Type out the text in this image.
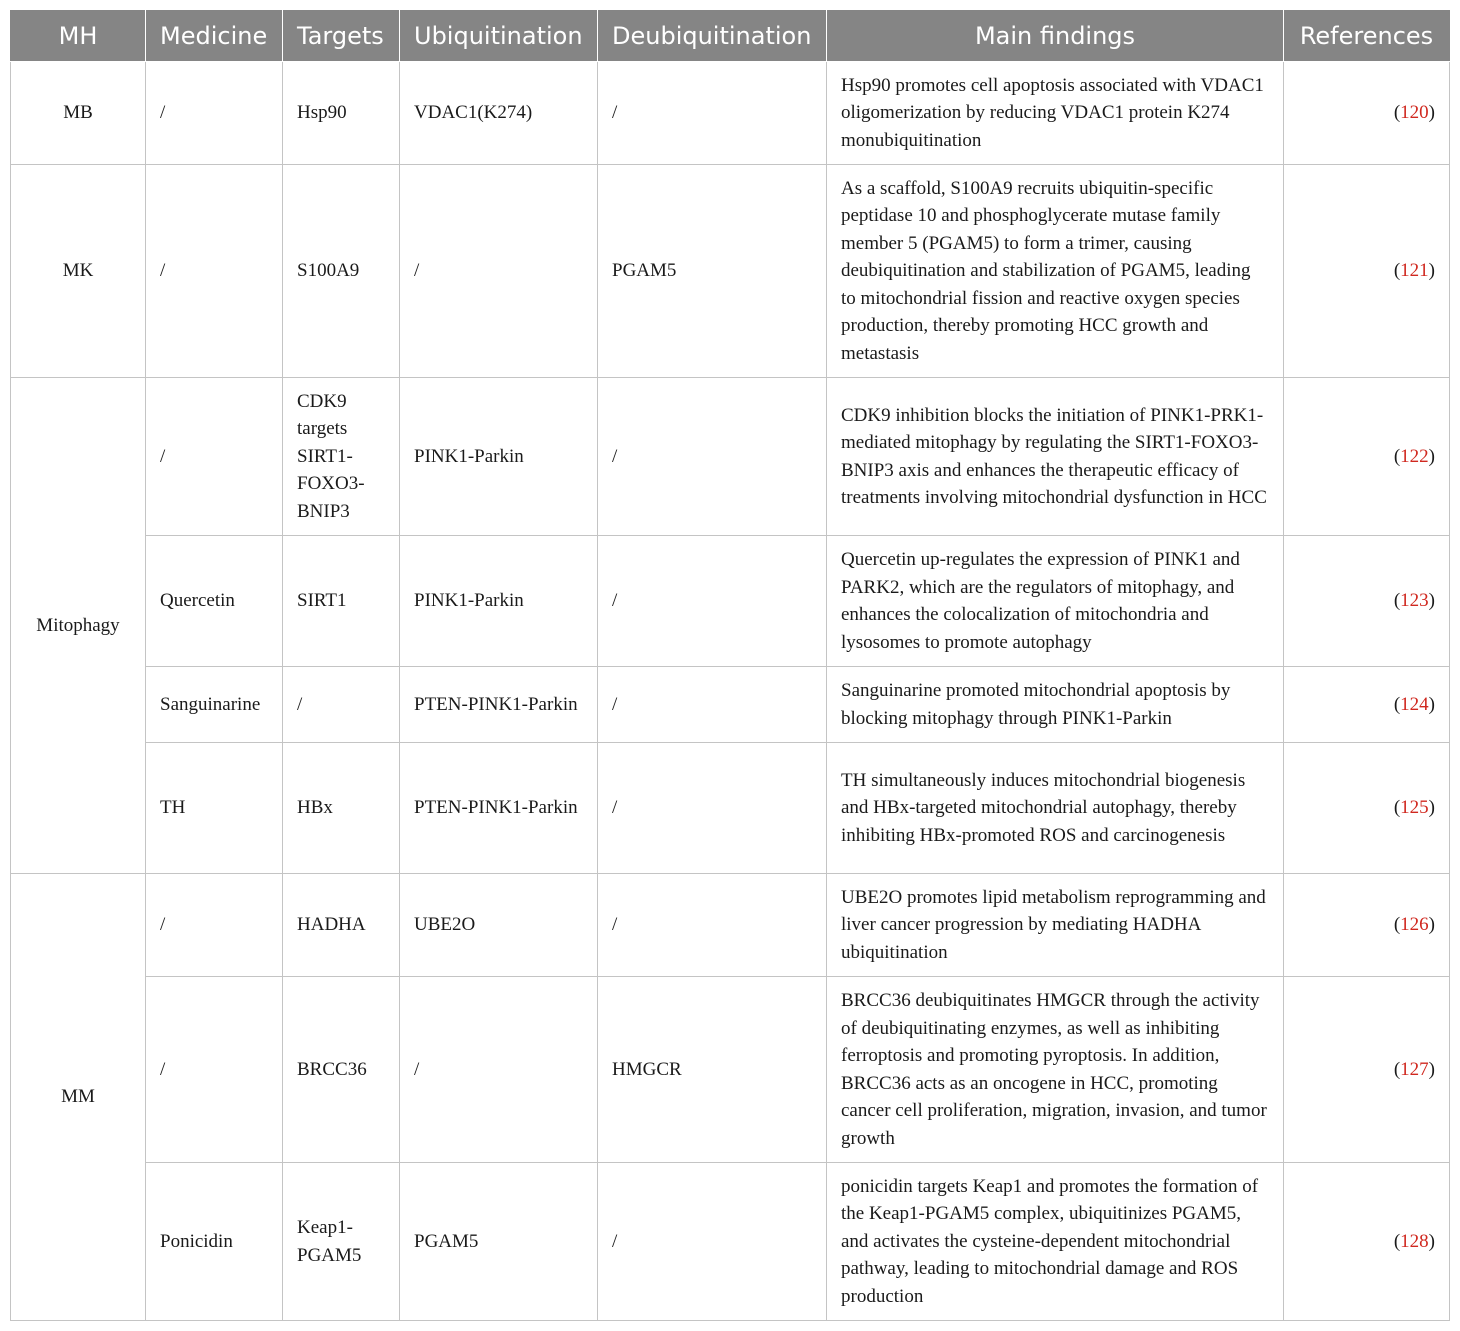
MH	Medicine	Targets	Ubiquitination	Deubiquitination	Main findings	References
MB	/	Hsp90	VDAC1(K274)	/	Hsp90 promotes cell apoptosis associated with VDAC1 oligomerization by reducing VDAC1 protein K274 monubiquitination	(120)
MK	/	S100A9	/	PGAM5	As a scaffold, S100A9 recruits ubiquitin-specific peptidase 10 and phosphoglycerate mutase family member 5 (PGAM5) to form a trimer, causing deubiquitination and stabilization of PGAM5, leading to mitochondrial fission and reactive oxygen species production, thereby promoting HCC growth and metastasis	(121)
Mitophagy	/	CDK9 targets SIRT1-FOXO3-BNIP3	PINK1-Parkin	/	CDK9 inhibition blocks the initiation of PINK1-PRK1-mediated mitophagy by regulating the SIRT1-FOXO3-BNIP3 axis and enhances the therapeutic efficacy of treatments involving mitochondrial dysfunction in HCC	(122)
	Quercetin	SIRT1	PINK1-Parkin	/	Quercetin up-regulates the expression of PINK1 and PARK2, which are the regulators of mitophagy, and enhances the colocalization of mitochondria and lysosomes to promote autophagy	(123)
	Sanguinarine	/	PTEN-PINK1-Parkin	/	Sanguinarine promoted mitochondrial apoptosis by blocking mitophagy through PINK1-Parkin	(124)
	TH	HBx	PTEN-PINK1-Parkin	/	TH simultaneously induces mitochondrial biogenesis and HBx-targeted mitochondrial autophagy, thereby inhibiting HBx-promoted ROS and carcinogenesis	(125)
MM	/	HADHA	UBE2O	/	UBE2O promotes lipid metabolism reprogramming and liver cancer progression by mediating HADHA ubiquitination	(126)
	/	BRCC36	/	HMGCR	BRCC36 deubiquitinates HMGCR through the activity of deubiquitinating enzymes, as well as inhibiting ferroptosis and promoting pyroptosis. In addition, BRCC36 acts as an oncogene in HCC, promoting cancer cell proliferation, migration, invasion, and tumor growth	(127)
	Ponicidin	Keap1-PGAM5	PGAM5	/	ponicidin targets Keap1 and promotes the formation of the Keap1-PGAM5 complex, ubiquitinizes PGAM5, and activates the cysteine-dependent mitochondrial pathway, leading to mitochondrial damage and ROS production	(128)
